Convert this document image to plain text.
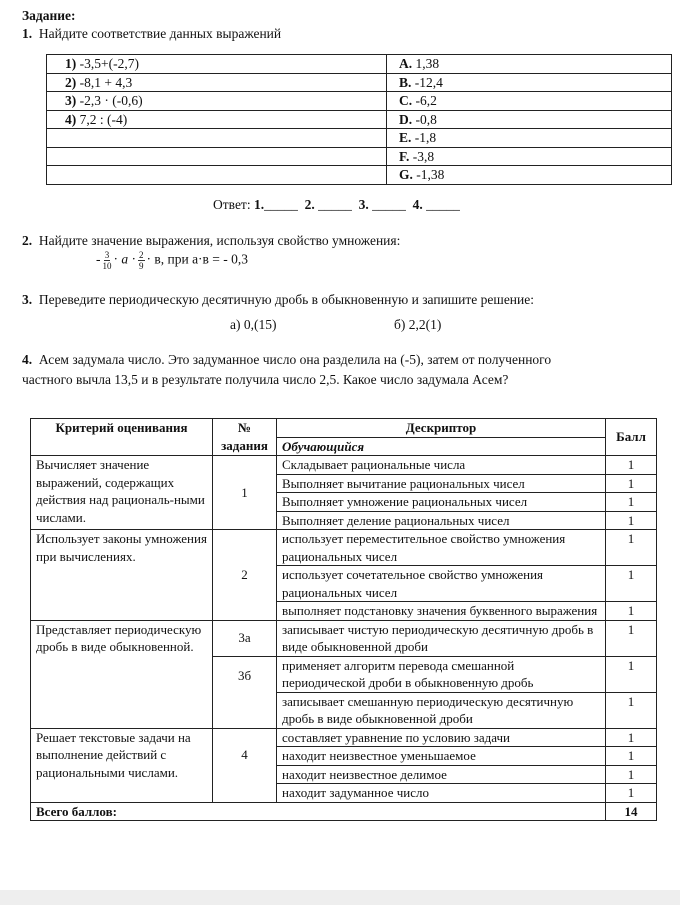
Задание:
1. Найдите соответствие данных выражений
1) -3,5+(-2,7)	A. 1,38
2) -8,1 + 4,3	B. -12,4
3) -2,3 · (-0,6)	C. -6,2
4) 7,2 : (-4)	D. -0,8
	E. -1,8
	F. -3,8
	G. -1,38
Ответ: 1._____ 2. _____ 3. _____ 4. _____
2. Найдите значение выражения, используя свойство умножения:
- $\frac{3}{10} \cdot a \cdot \frac{2}{9} \cdot в$, при а·в = - 0,3
3. Переведите периодическую десятичную дробь в обыкновенную и запишите решение:
а) 0,(15)	б) 2,2(1)
4. Асем задумала число. Это задуманное число она разделила на (-5), затем от полученного
частного вычла 13,5 и в результате получила число 2,5. Какое число задумала Асем?
Критерий оценивания	№
задания	Дескриптор	Балл
		Обучающийся	
Вычисляет значение выражений, содержащих действия над рациональ-ными числами.	1	Складывает рациональные числа	1
		Выполняет вычитание рациональных чисел	1
		Выполняет умножение рациональных чисел	1
		Выполняет деление рациональных чисел	1
Использует законы умножения при вычислениях.	2	использует переместительное свойство умножения рациональных чисел	1
		использует сочетательное свойство умножения рациональных чисел	1
		выполняет подстановку значения буквенного выражения	1
Представляет периодическую дробь в виде обыкновенной.	3а	записывает чистую периодическую десятичную дробь в виде обыкновенной дроби	1
	3б	применяет алгоритм перевода смешанной периодической дроби в обыкновенную дробь	1
		записывает смешанную периодическую десятичную дробь в виде обыкновенной дроби	1
Решает текстовые задачи на выполнение действий с рациональными числами.	4	составляет уравнение по условию задачи	1
		находит неизвестное уменьшаемое	1
		находит неизвестное делимое	1
		находит задуманное число	1
Всего баллов:			14
